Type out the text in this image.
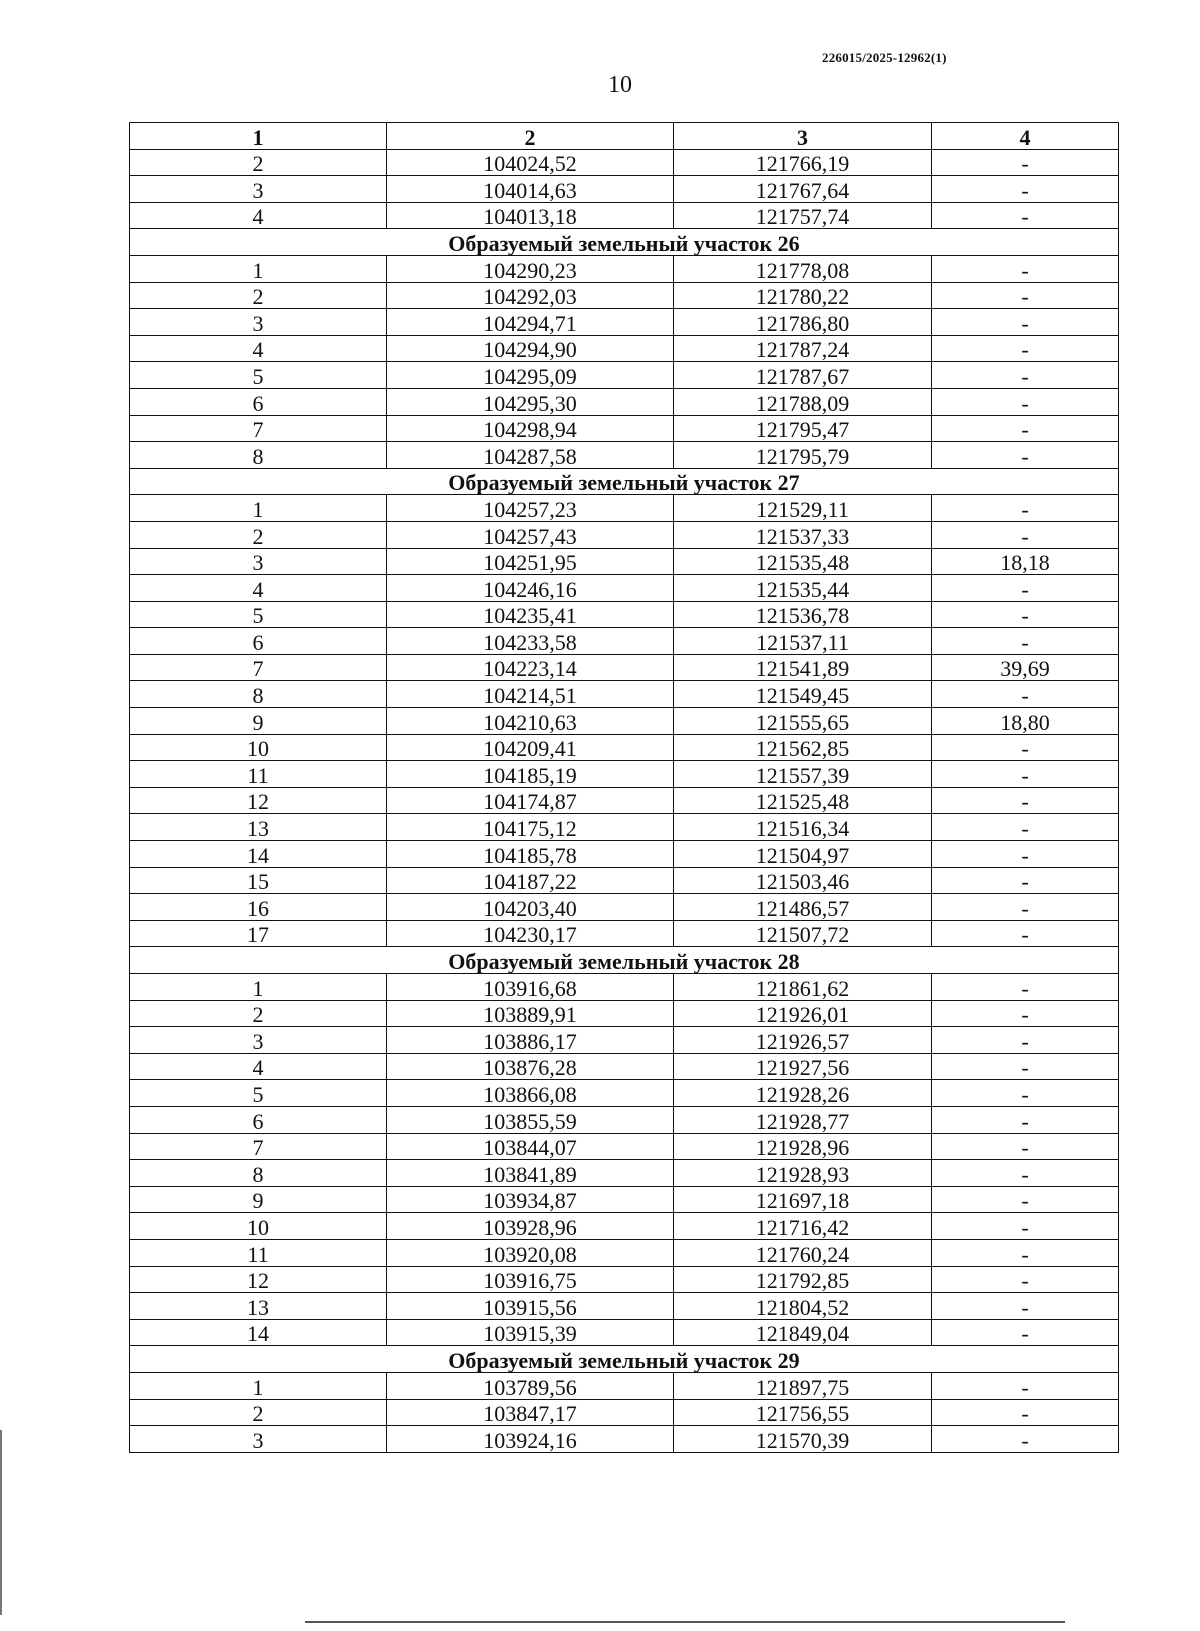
226015/2025-12962(1)
10
1	2	3	4
2	104024,52	121766,19	-
3	104014,63	121767,64	-
4	104013,18	121757,74	-
Образуемый земельный участок 26			
1	104290,23	121778,08	-
2	104292,03	121780,22	-
3	104294,71	121786,80	-
4	104294,90	121787,24	-
5	104295,09	121787,67	-
6	104295,30	121788,09	-
7	104298,94	121795,47	-
8	104287,58	121795,79	-
Образуемый земельный участок 27			
1	104257,23	121529,11	-
2	104257,43	121537,33	-
3	104251,95	121535,48	18,18
4	104246,16	121535,44	-
5	104235,41	121536,78	-
6	104233,58	121537,11	-
7	104223,14	121541,89	39,69
8	104214,51	121549,45	-
9	104210,63	121555,65	18,80
10	104209,41	121562,85	-
11	104185,19	121557,39	-
12	104174,87	121525,48	-
13	104175,12	121516,34	-
14	104185,78	121504,97	-
15	104187,22	121503,46	-
16	104203,40	121486,57	-
17	104230,17	121507,72	-
Образуемый земельный участок 28			
1	103916,68	121861,62	-
2	103889,91	121926,01	-
3	103886,17	121926,57	-
4	103876,28	121927,56	-
5	103866,08	121928,26	-
6	103855,59	121928,77	-
7	103844,07	121928,96	-
8	103841,89	121928,93	-
9	103934,87	121697,18	-
10	103928,96	121716,42	-
11	103920,08	121760,24	-
12	103916,75	121792,85	-
13	103915,56	121804,52	-
14	103915,39	121849,04	-
Образуемый земельный участок 29			
1	103789,56	121897,75	-
2	103847,17	121756,55	-
3	103924,16	121570,39	-
